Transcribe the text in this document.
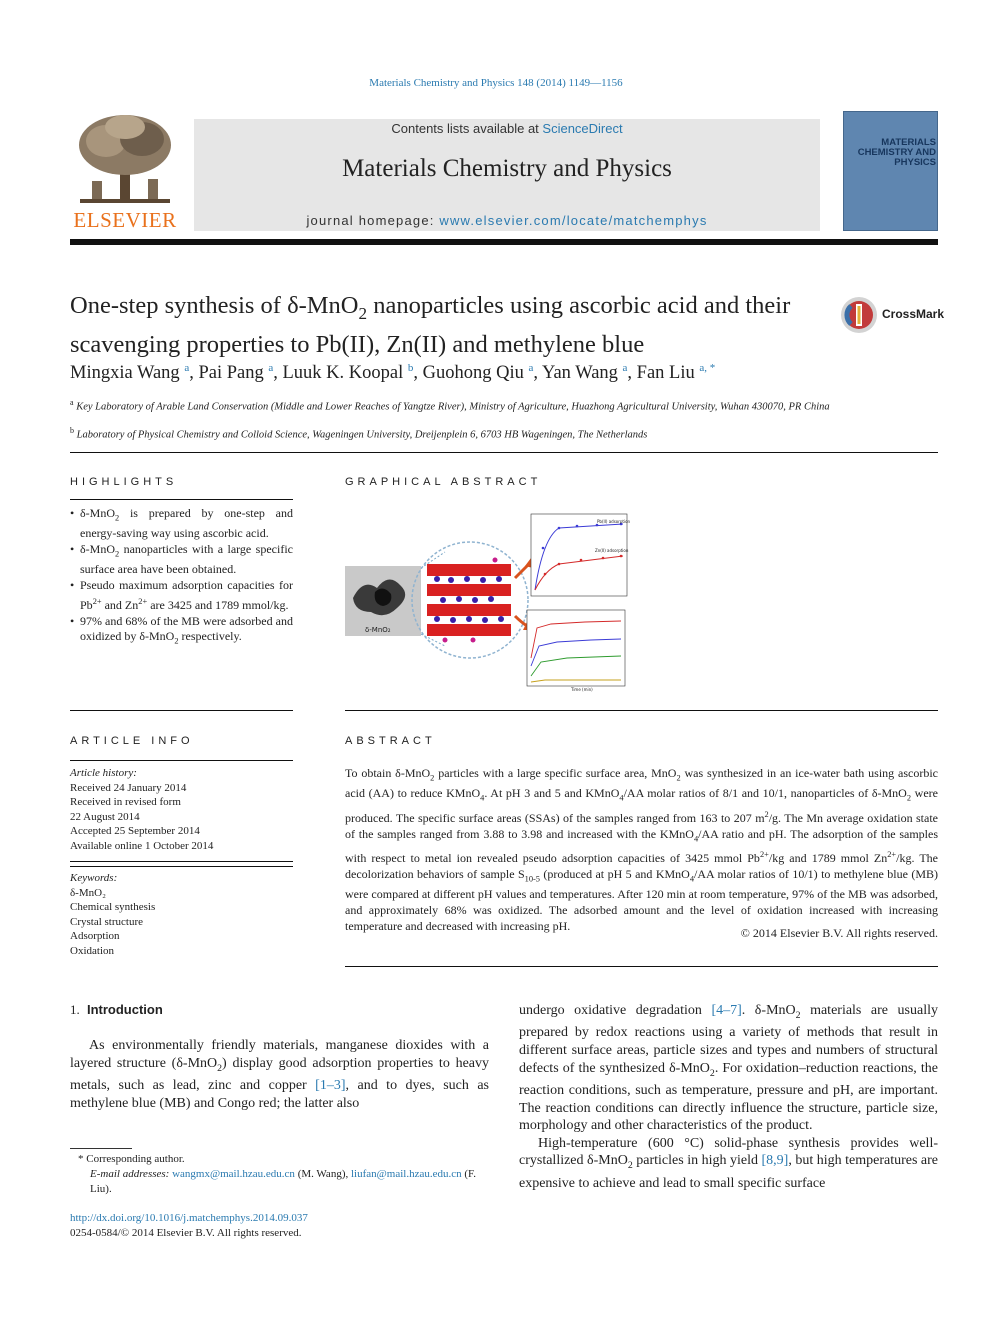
Materials Chemistry and Physics 148 (2014) 1149—1156
ELSEVIER
Contents lists available at ScienceDirect
Materials Chemistry and Physics
journal homepage: www.elsevier.com/locate/matchemphys
MATERIALS CHEMISTRY AND PHYSICS
One-step synthesis of δ-MnO$_2$ nanoparticles using ascorbic acid and their scavenging properties to Pb(II), Zn(II) and methylene blue
CrossMark
Mingxia Wang $^a$, Pai Pang $^a$, Luuk K. Koopal $^b$, Guohong Qiu $^a$, Yan Wang $^a$, Fan Liu $^{a, *}$
$^a$ Key Laboratory of Arable Land Conservation (Middle and Lower Reaches of Yangtze River), Ministry of Agriculture, Huazhong Agricultural University, Wuhan 430070, PR China
$^b$ Laboratory of Physical Chemistry and Colloid Science, Wageningen University, Dreijenplein 6, 6703 HB Wageningen, The Netherlands
HIGHLIGHTS	GRAPHICAL ABSTRACT
• δ-MnO$_2$ is prepared by one-step and energy-saving way using ascorbic acid.
• δ-MnO$_2$ nanoparticles with a large specific surface area have been obtained.
• Pseudo maximum adsorption capacities for $Pb^{2+}$ and $Zn^{2+}$ are 3425 and 1789 mmol/kg.
• 97% and 68% of the MB were adsorbed and oxidized by δ-MnO$_2$ respectively.	δ-MnO₂
Pb(II) adsorption
Zn(II) adsorption
Time (min)
ARTICLE INFO	ABSTRACT
Article history:
Received 24 January 2014
Received in revised form
22 August 2014
Accepted 25 September 2014
Available online 1 October 2014
Keywords:
δ-MnO₂
Chemical synthesis
Crystal structure
Adsorption
Oxidation
To obtain δ-MnO$_2$ particles with a large specific surface area, MnO$_2$ was synthesized in an ice-water bath using ascorbic acid (AA) to reduce KMnO$_4$. At pH 3 and 5 and KMnO$_4$/AA molar ratios of 8/1 and 10/1, nanoparticles of δ-MnO$_2$ were produced. The specific surface areas (SSAs) of the samples ranged from 163 to 207 $m^2/g$. The Mn average oxidation state of the samples ranged from 3.88 to 3.98 and increased with the KMnO$_4$/AA ratio and pH. The adsorption of the samples with respect to metal ion revealed pseudo adsorption capacities of 3425 mmol $Pb^{2+}/kg$ and 1789 mmol $Zn^{2+}/kg$. The decolorization behaviors of sample $S_{10-5}$ (produced at pH 5 and KMnO$_4$/AA molar ratios of 10/1) to methylene blue (MB) were compared at different pH values and temperatures. After 120 min at room temperature, 97% of the MB was adsorbed, and approximately 68% was oxidized. The adsorbed amount and the level of oxidation increased with increasing temperature and decreased with increasing pH.
© 2014 Elsevier B.V. All rights reserved.
1. Introduction
As environmentally friendly materials, manganese dioxides with a layered structure (δ-MnO$_2$) display good adsorption properties to heavy metals, such as lead, zinc and copper [1–3], and to dyes, such as methylene blue (MB) and Congo red; the latter also

undergo oxidative degradation [4–7]. δ-MnO$_2$ materials are usually prepared by redox reactions using a variety of methods that result in different surface areas, particle sizes and types and numbers of structural defects of the synthesized δ-MnO$_2$. For oxidation–reduction reactions, the reaction conditions, such as temperature, pressure and pH, are important. The reaction conditions can directly influence the structure, particle size, morphology and other characteristics of the product.

High-temperature (600 °C) solid-phase synthesis provides well-crystallized δ-MnO$_2$ particles in high yield [8,9], but high temperatures are expensive to achieve and lead to small specific surface

* Corresponding author.
E-mail addresses: wangmx@mail.hzau.edu.cn (M. Wang), liufan@mail.hzau.edu.cn (F. Liu).
http://dx.doi.org/10.1016/j.matchemphys.2014.09.037
0254-0584/© 2014 Elsevier B.V. All rights reserved.
